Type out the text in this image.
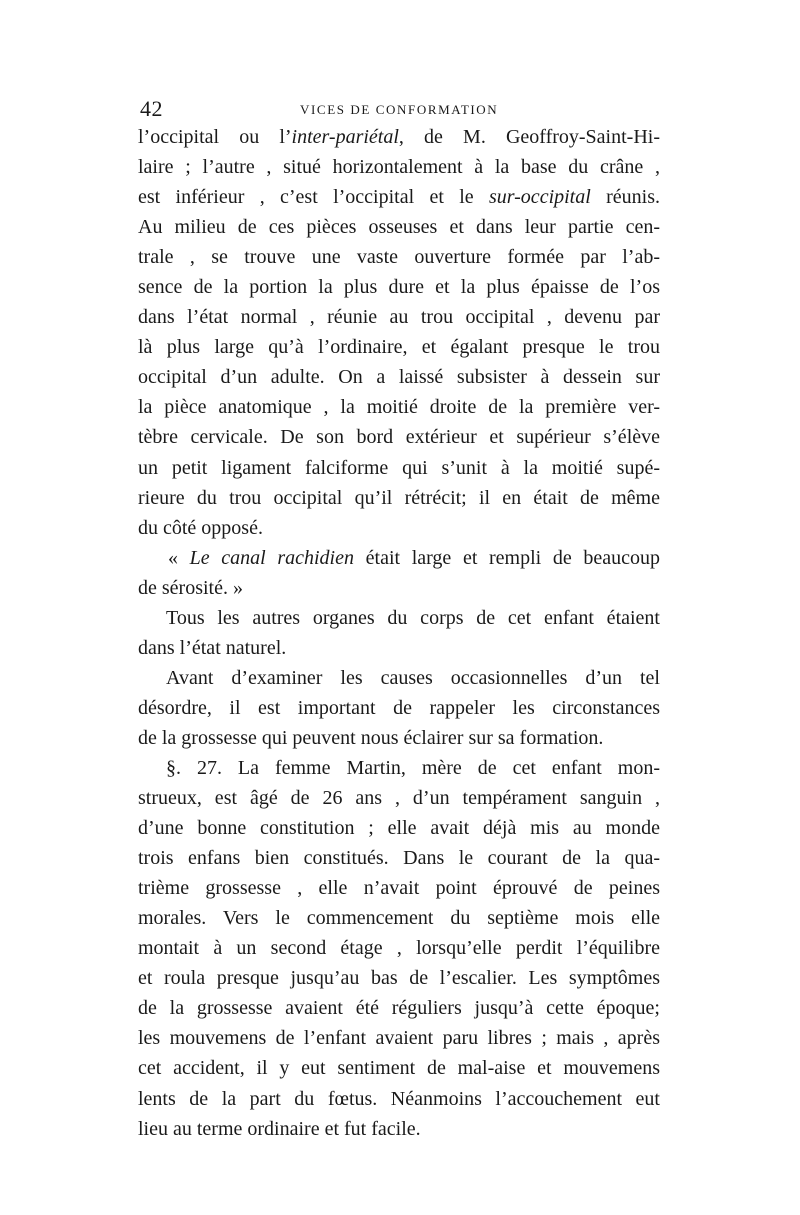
42	VICES DE CONFORMATION
l’occipital ou l’inter-pariétal, de M. Geoffroy-Saint-Hi-
laire ; l’autre , situé horizontalement à la base du crâne ,
est inférieur , c’est l’occipital et le sur-occipital réunis.
Au milieu de ces pièces osseuses et dans leur partie cen-
trale , se trouve une vaste ouverture formée par l’ab-
sence de la portion la plus dure et la plus épaisse de l’os
dans l’état normal , réunie au trou occipital , devenu par
là plus large qu’à l’ordinaire, et égalant presque le trou
occipital d’un adulte. On a laissé subsister à dessein sur
la pièce anatomique , la moitié droite de la première ver-
tèbre cervicale. De son bord extérieur et supérieur s’élève
un petit ligament falciforme qui s’unit à la moitié supé-
rieure du trou occipital qu’il rétrécit; il en était de même
du côté opposé.
« Le canal rachidien était large et rempli de beaucoup
de sérosité. »
Tous les autres organes du corps de cet enfant étaient
dans l’état naturel.
Avant d’examiner les causes occasionnelles d’un tel
désordre, il est important de rappeler les circonstances
de la grossesse qui peuvent nous éclairer sur sa formation.
§. 27. La femme Martin, mère de cet enfant mon-
strueux, est âgé de 26 ans , d’un tempérament sanguin ,
d’une bonne constitution ; elle avait déjà mis au monde
trois enfans bien constitués. Dans le courant de la qua-
trième grossesse , elle n’avait point éprouvé de peines
morales. Vers le commencement du septième mois elle
montait à un second étage , lorsqu’elle perdit l’équilibre
et roula presque jusqu’au bas de l’escalier. Les symptômes
de la grossesse avaient été réguliers jusqu’à cette époque;
les mouvemens de l’enfant avaient paru libres ; mais , après
cet accident, il y eut sentiment de mal-aise et mouvemens
lents de la part du fœtus. Néanmoins l’accouchement eut
lieu au terme ordinaire et fut facile.
